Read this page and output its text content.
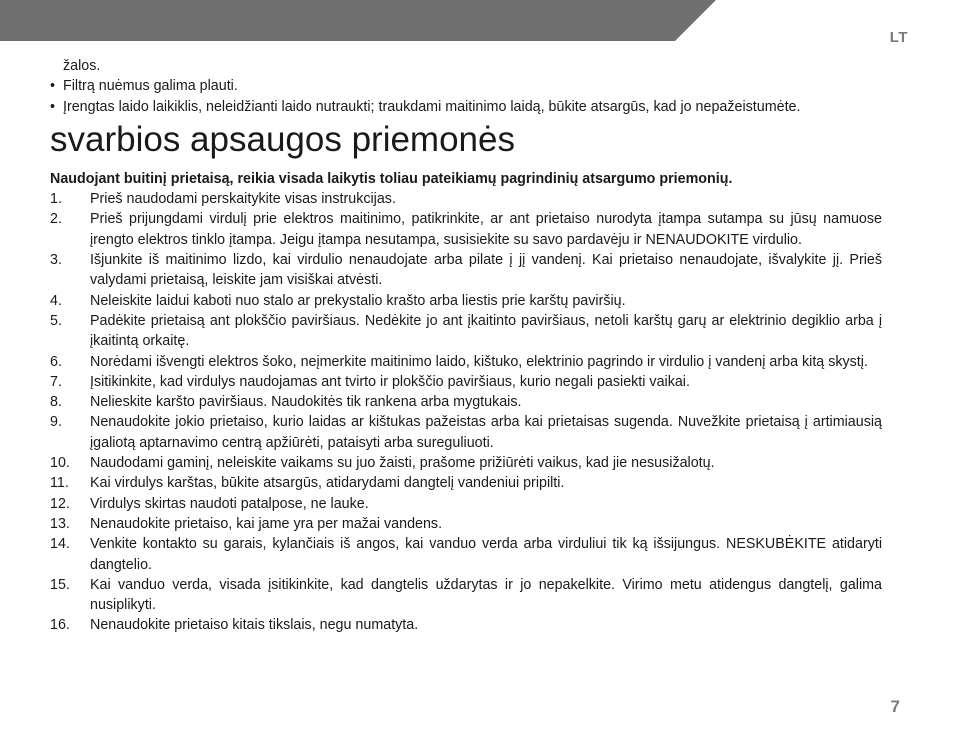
LT
žalos.
• Filtrą nuėmus galima plauti.
• Įrengtas laido laikiklis, neleidžianti laido nutraukti; traukdami maitinimo laidą, būkite atsargūs, kad jo nepažeistumėte.
svarbios apsaugos priemonės

Naudojant buitinį prietaisą, reikia visada laikytis toliau pateikiamų pagrindinių atsargumo priemonių.

1. Prieš naudodami perskaitykite visas instrukcijas.
2. Prieš prijungdami virdulį prie elektros maitinimo, patikrinkite, ar ant prietaiso nurodyta įtampa sutampa su jūsų namuose įrengto elektros tinklo įtampa. Jeigu įtampa nesutampa, susisiekite su savo pardavėju ir NENAUDOKITE virdulio.
3. Išjunkite iš maitinimo lizdo, kai virdulio nenaudojate arba pilate į jį vandenį. Kai prietaiso nenaudojate, išvalykite jį. Prieš valydami prietaisą, leiskite jam visiškai atvėsti.
4. Neleiskite laidui kaboti nuo stalo ar prekystalio krašto arba liestis prie karštų paviršių.
5. Padėkite prietaisą ant plokščio paviršiaus. Nedėkite jo ant įkaitinto paviršiaus, netoli karštų garų ar elektrinio degiklio arba į įkaitintą orkaitę.
6. Norėdami išvengti elektros šoko, neįmerkite maitinimo laido, kištuko, elektrinio pagrindo ir virdulio į vandenį arba kitą skystį.
7. Įsitikinkite, kad virdulys naudojamas ant tvirto ir plokščio paviršiaus, kurio negali pasiekti vaikai.
8. Nelieskite karšto paviršiaus. Naudokitės tik rankena arba mygtukais.
9. Nenaudokite jokio prietaiso, kurio laidas ar kištukas pažeistas arba kai prietaisas sugenda. Nuvežkite prietaisą į artimiausią įgaliotą aptarnavimo centrą apžiūrėti, pataisyti arba sureguliuoti.
10. Naudodami gaminį, neleiskite vaikams su juo žaisti, prašome prižiūrėti vaikus, kad jie nesusižalotų.
11. Kai virdulys karštas, būkite atsargūs, atidarydami dangtelį vandeniui pripilti.
12. Virdulys skirtas naudoti patalpose, ne lauke.
13. Nenaudokite prietaiso, kai jame yra per mažai vandens.
14. Venkite kontakto su garais, kylančiais iš angos, kai vanduo verda arba virduliui tik ką išsijungus. NESKUBĖKITE atidaryti dangtelio.
15. Kai vanduo verda, visada įsitikinkite, kad dangtelis uždarytas ir jo nepakelkite. Virimo metu atidengus dangtelį, galima nusiplikyti.
16. Nenaudokite prietaiso kitais tikslais, negu numatyta.
7
